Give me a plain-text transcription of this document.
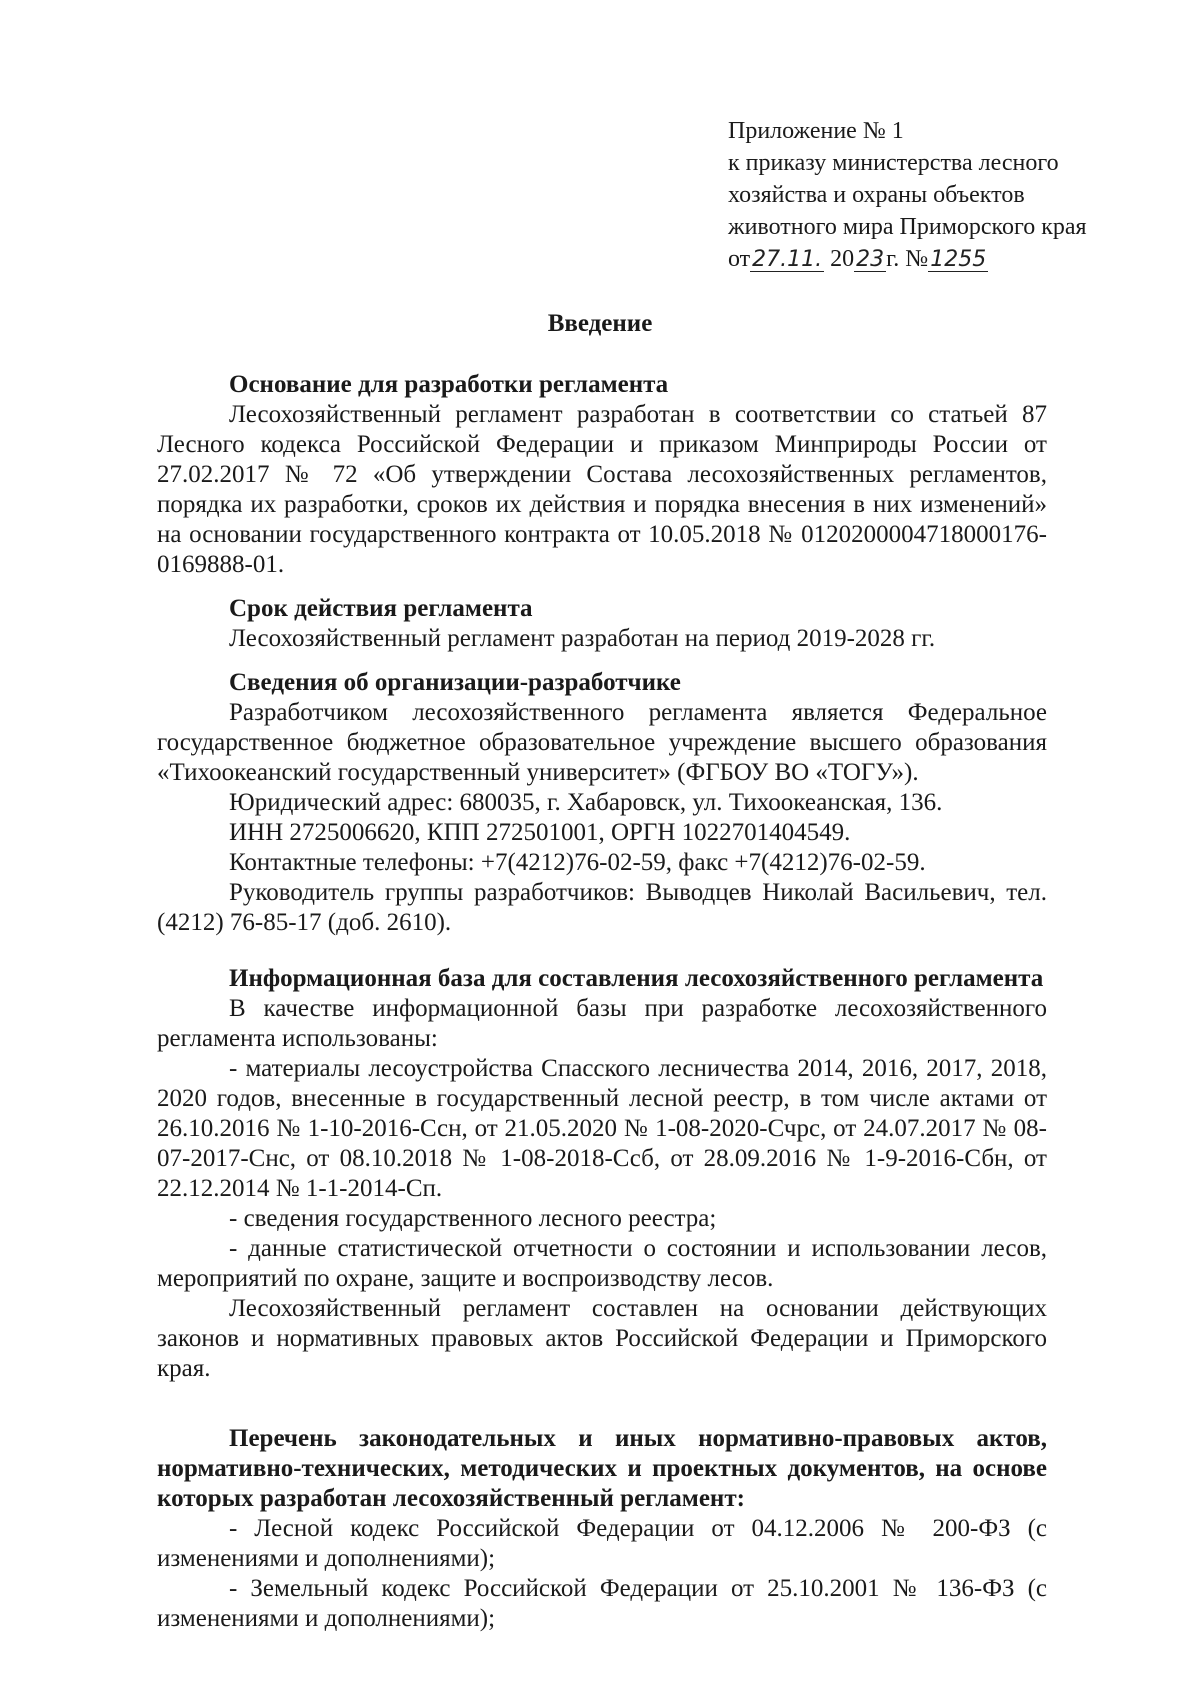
Приложение № 1
к приказу министерства лесного
хозяйства и охраны объектов
животного мира Приморского края
от27.11. 2023г. №1255
Введение
Основание для разработки регламента

Лесохозяйственный регламент разработан в соответствии со статьей 87 Лесного кодекса Российской Федерации и приказом Минприроды России от 27.02.2017 № 72 «Об утверждении Состава лесохозяйственных регламентов, порядка их разработки, сроков их действия и порядка внесения в них изменений» на основании государственного контракта от 10.05.2018 № 0120200004718000176-0169888-01.

Срок действия регламента

Лесохозяйственный регламент разработан на период 2019-2028 гг.

Сведения об организации-разработчике

Разработчиком лесохозяйственного регламента является Федеральное государственное бюджетное образовательное учреждение высшего образования «Тихоокеанский государственный университет» (ФГБОУ ВО «ТОГУ»).

Юридический адрес: 680035, г. Хабаровск, ул. Тихоокеанская, 136.

ИНН 2725006620, КПП 272501001, ОРГН 1022701404549.

Контактные телефоны: +7(4212)76-02-59, факс +7(4212)76-02-59.

Руководитель группы разработчиков: Выводцев Николай Васильевич, тел. (4212) 76-85-17 (доб. 2610).

Информационная база для составления лесохозяйственного регламента

В качестве информационной базы при разработке лесохозяйственного регламента использованы:

- материалы лесоустройства Спасского лесничества 2014, 2016, 2017, 2018, 2020 годов, внесенные в государственный лесной реестр, в том числе актами от 26.10.2016 № 1-10-2016-Ссн, от 21.05.2020 № 1-08-2020-Счрс, от 24.07.2017 № 08-07-2017-Снс, от 08.10.2018 № 1-08-2018-Ссб, от 28.09.2016 № 1-9-2016-Сбн, от 22.12.2014 № 1-1-2014-Сп.

- сведения государственного лесного реестра;

- данные статистической отчетности о состоянии и использовании лесов, мероприятий по охране, защите и воспроизводству лесов.

Лесохозяйственный регламент составлен на основании действующих законов и нормативных правовых актов Российской Федерации и Приморского края.

Перечень законодательных и иных нормативно-правовых актов, нормативно-технических, методических и проектных документов, на основе которых разработан лесохозяйственный регламент:

- Лесной кодекс Российской Федерации от 04.12.2006 № 200-ФЗ (с изменениями и дополнениями);

- Земельный кодекс Российской Федерации от 25.10.2001 № 136-ФЗ (с изменениями и дополнениями);
